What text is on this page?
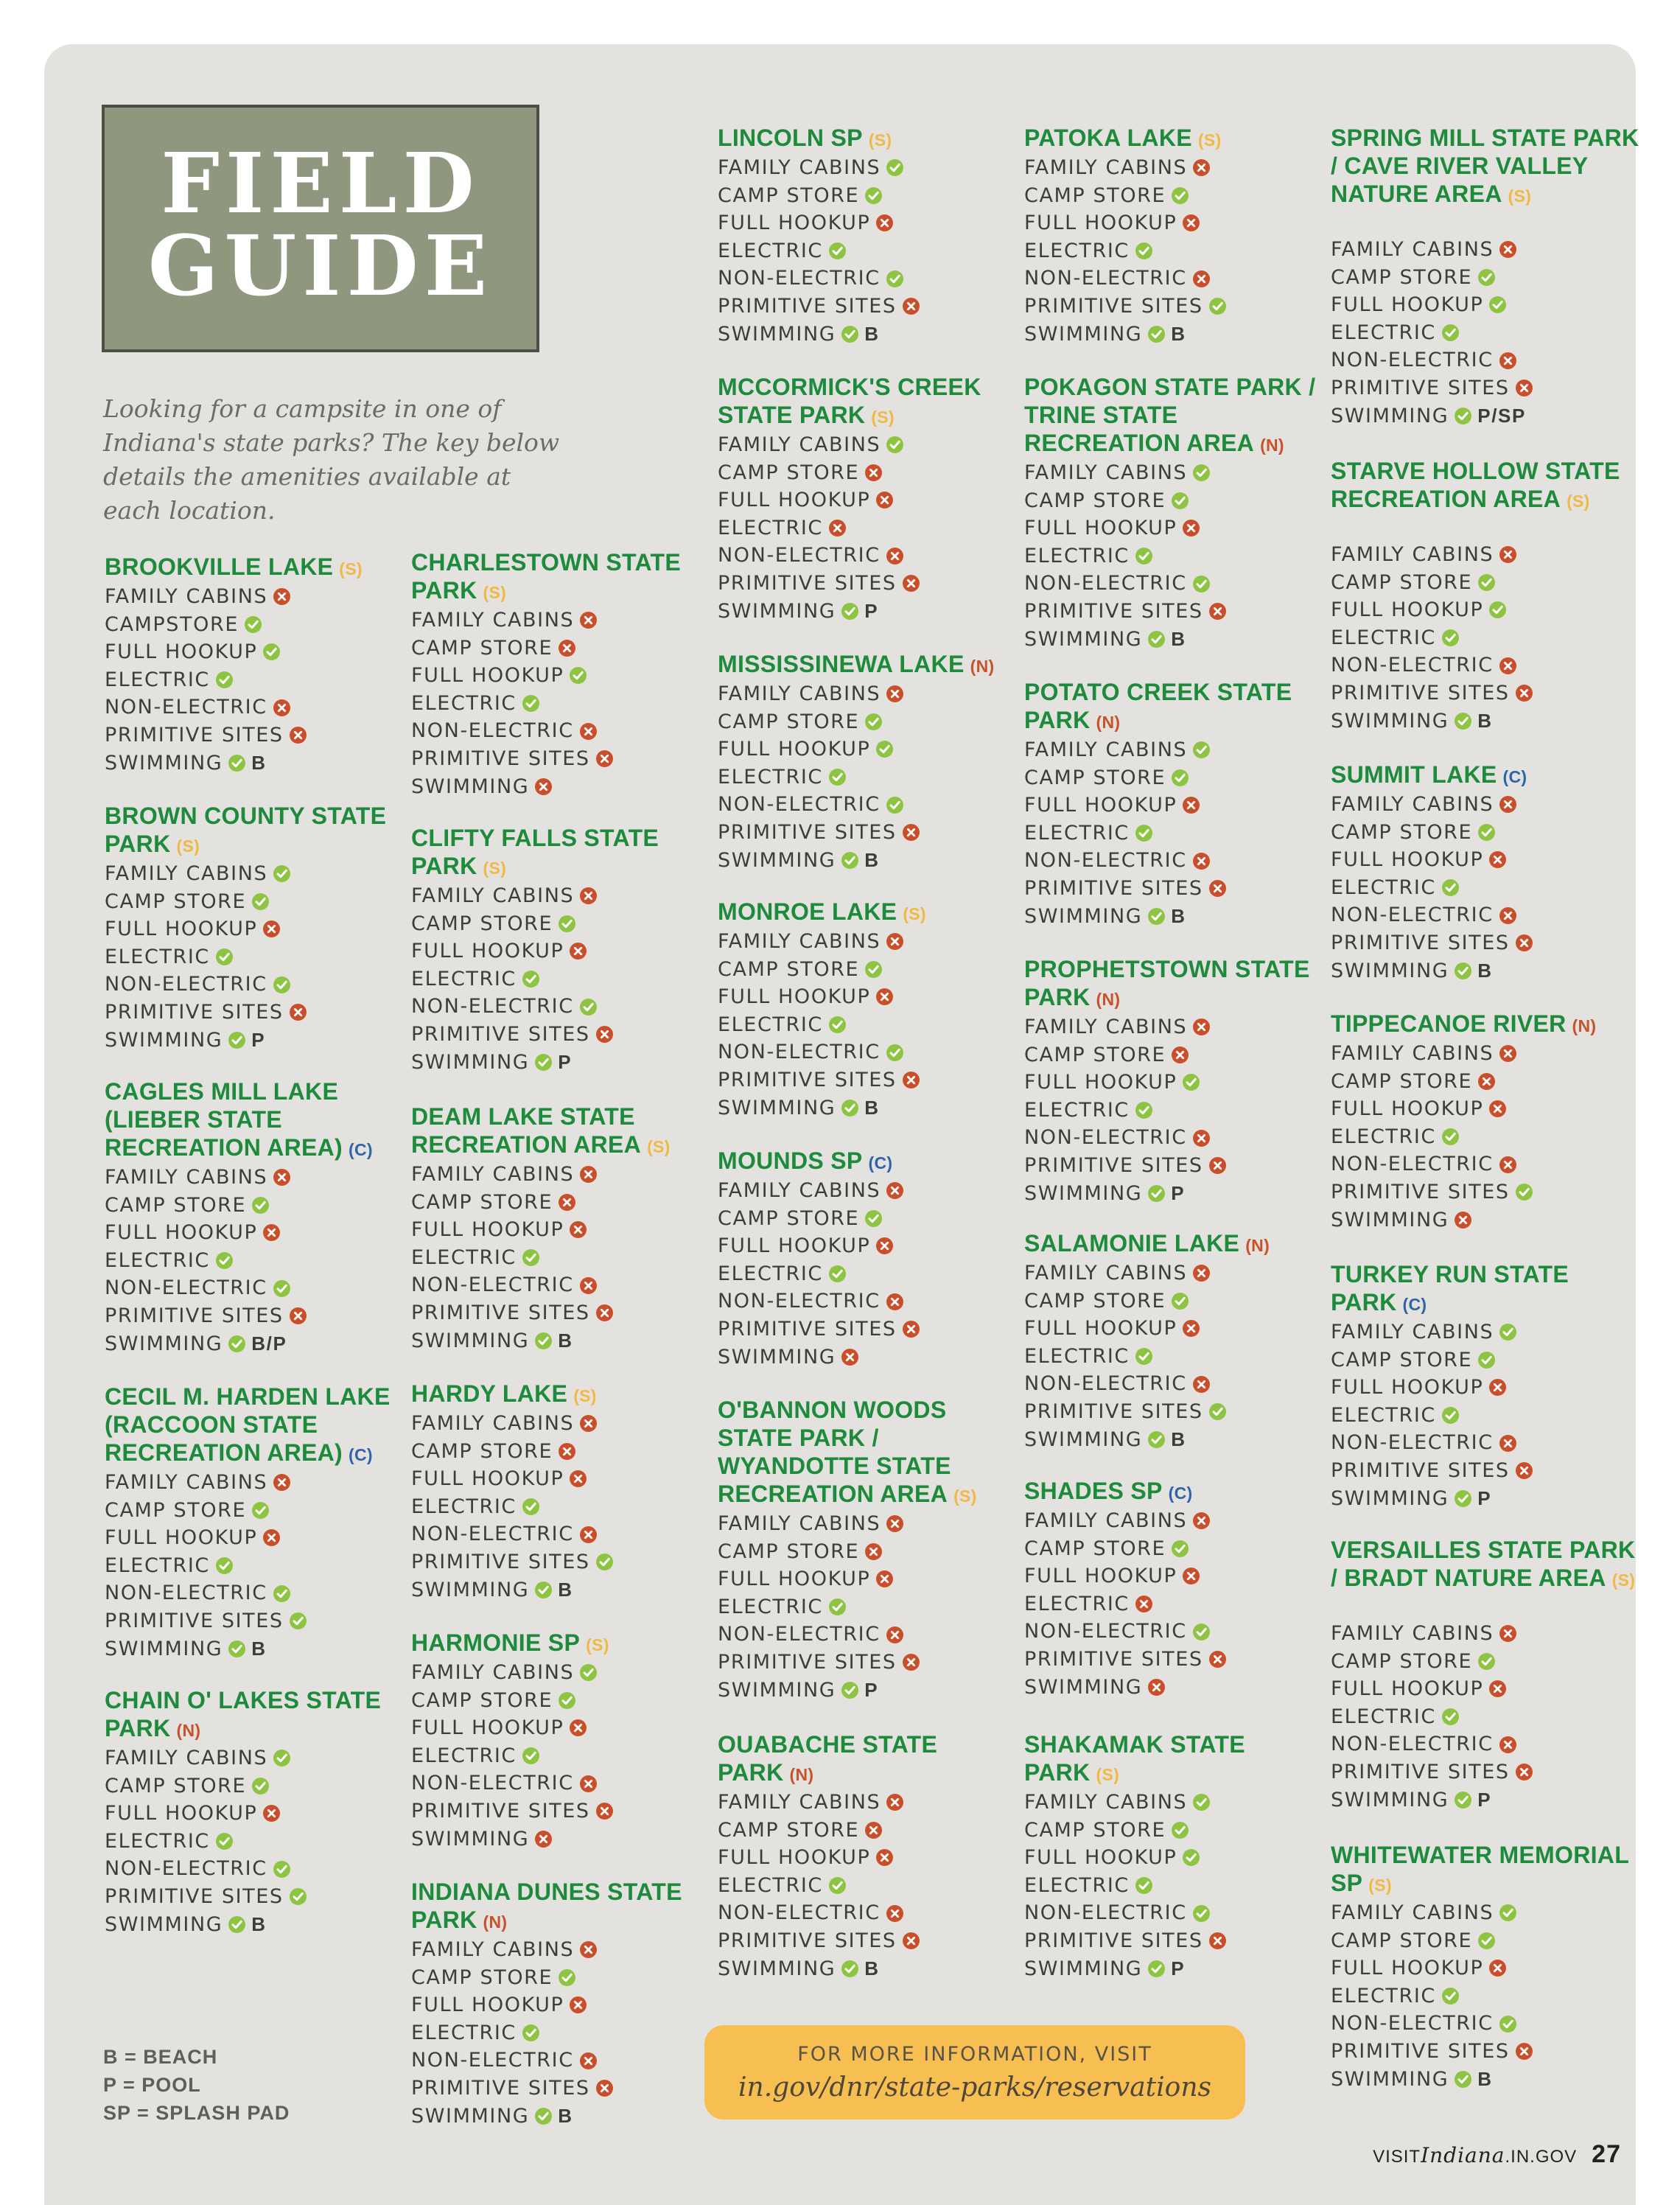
FIELD
GUIDE
Looking for a campsite in one of Indiana's state parks? The key below details the amenities available at each location.
BROOKVILLE LAKE (S)
FAMILY CABINS
CAMPSTORE
FULL HOOKUP
ELECTRIC
NON-ELECTRIC
PRIMITIVE SITES
SWIMMING B
BROWN COUNTY STATE PARK (S)
FAMILY CABINS
CAMP STORE
FULL HOOKUP
ELECTRIC
NON-ELECTRIC
PRIMITIVE SITES
SWIMMING P
CAGLES MILL LAKE (LIEBER STATE RECREATION AREA) (C)
FAMILY CABINS
CAMP STORE
FULL HOOKUP
ELECTRIC
NON-ELECTRIC
PRIMITIVE SITES
SWIMMING B/P
CECIL M. HARDEN LAKE (RACCOON STATE RECREATION AREA) (C)
FAMILY CABINS
CAMP STORE
FULL HOOKUP
ELECTRIC
NON-ELECTRIC
PRIMITIVE SITES
SWIMMING B
CHAIN O' LAKES STATE PARK (N)
FAMILY CABINS
CAMP STORE
FULL HOOKUP
ELECTRIC
NON-ELECTRIC
PRIMITIVE SITES
SWIMMING B
CHARLESTOWN STATE PARK (S)
FAMILY CABINS
CAMP STORE
FULL HOOKUP
ELECTRIC
NON-ELECTRIC
PRIMITIVE SITES
SWIMMING
CLIFTY FALLS STATE PARK (S)
FAMILY CABINS
CAMP STORE
FULL HOOKUP
ELECTRIC
NON-ELECTRIC
PRIMITIVE SITES
SWIMMING P
DEAM LAKE STATE RECREATION AREA (S)
FAMILY CABINS
CAMP STORE
FULL HOOKUP
ELECTRIC
NON-ELECTRIC
PRIMITIVE SITES
SWIMMING B
HARDY LAKE (S)
FAMILY CABINS
CAMP STORE
FULL HOOKUP
ELECTRIC
NON-ELECTRIC
PRIMITIVE SITES
SWIMMING B
HARMONIE SP (S)
FAMILY CABINS
CAMP STORE
FULL HOOKUP
ELECTRIC
NON-ELECTRIC
PRIMITIVE SITES
SWIMMING
INDIANA DUNES STATE PARK (N)
FAMILY CABINS
CAMP STORE
FULL HOOKUP
ELECTRIC
NON-ELECTRIC
PRIMITIVE SITES
SWIMMING B
LINCOLN SP (S)
FAMILY CABINS
CAMP STORE
FULL HOOKUP
ELECTRIC
NON-ELECTRIC
PRIMITIVE SITES
SWIMMING B
MCCORMICK'S CREEK STATE PARK (S)
FAMILY CABINS
CAMP STORE
FULL HOOKUP
ELECTRIC
NON-ELECTRIC
PRIMITIVE SITES
SWIMMING P
MISSISSINEWA LAKE (N)
FAMILY CABINS
CAMP STORE
FULL HOOKUP
ELECTRIC
NON-ELECTRIC
PRIMITIVE SITES
SWIMMING B
MONROE LAKE (S)
FAMILY CABINS
CAMP STORE
FULL HOOKUP
ELECTRIC
NON-ELECTRIC
PRIMITIVE SITES
SWIMMING B
MOUNDS SP (C)
FAMILY CABINS
CAMP STORE
FULL HOOKUP
ELECTRIC
NON-ELECTRIC
PRIMITIVE SITES
SWIMMING
O'BANNON WOODS STATE PARK / WYANDOTTE STATE RECREATION AREA (S)
FAMILY CABINS
CAMP STORE
FULL HOOKUP
ELECTRIC
NON-ELECTRIC
PRIMITIVE SITES
SWIMMING P
OUABACHE STATE PARK (N)
FAMILY CABINS
CAMP STORE
FULL HOOKUP
ELECTRIC
NON-ELECTRIC
PRIMITIVE SITES
SWIMMING B
PATOKA LAKE (S)
FAMILY CABINS
CAMP STORE
FULL HOOKUP
ELECTRIC
NON-ELECTRIC
PRIMITIVE SITES
SWIMMING B
POKAGON STATE PARK / TRINE STATE RECREATION AREA (N)
FAMILY CABINS
CAMP STORE
FULL HOOKUP
ELECTRIC
NON-ELECTRIC
PRIMITIVE SITES
SWIMMING B
POTATO CREEK STATE PARK (N)
FAMILY CABINS
CAMP STORE
FULL HOOKUP
ELECTRIC
NON-ELECTRIC
PRIMITIVE SITES
SWIMMING B
PROPHETSTOWN STATE PARK (N)
FAMILY CABINS
CAMP STORE
FULL HOOKUP
ELECTRIC
NON-ELECTRIC
PRIMITIVE SITES
SWIMMING P
SALAMONIE LAKE (N)
FAMILY CABINS
CAMP STORE
FULL HOOKUP
ELECTRIC
NON-ELECTRIC
PRIMITIVE SITES
SWIMMING B
SHADES SP (C)
FAMILY CABINS
CAMP STORE
FULL HOOKUP
ELECTRIC
NON-ELECTRIC
PRIMITIVE SITES
SWIMMING
SHAKAMAK STATE PARK (S)
FAMILY CABINS
CAMP STORE
FULL HOOKUP
ELECTRIC
NON-ELECTRIC
PRIMITIVE SITES
SWIMMING P
SPRING MILL STATE PARK / CAVE RIVER VALLEY NATURE AREA (S)
FAMILY CABINS
CAMP STORE
FULL HOOKUP
ELECTRIC
NON-ELECTRIC
PRIMITIVE SITES
SWIMMING P/SP
STARVE HOLLOW STATE RECREATION AREA (S)
FAMILY CABINS
CAMP STORE
FULL HOOKUP
ELECTRIC
NON-ELECTRIC
PRIMITIVE SITES
SWIMMING B
SUMMIT LAKE (C)
FAMILY CABINS
CAMP STORE
FULL HOOKUP
ELECTRIC
NON-ELECTRIC
PRIMITIVE SITES
SWIMMING B
TIPPECANOE RIVER (N)
FAMILY CABINS
CAMP STORE
FULL HOOKUP
ELECTRIC
NON-ELECTRIC
PRIMITIVE SITES
SWIMMING
TURKEY RUN STATE PARK (C)
FAMILY CABINS
CAMP STORE
FULL HOOKUP
ELECTRIC
NON-ELECTRIC
PRIMITIVE SITES
SWIMMING P
VERSAILLES STATE PARK / BRADT NATURE AREA (S)
FAMILY CABINS
CAMP STORE
FULL HOOKUP
ELECTRIC
NON-ELECTRIC
PRIMITIVE SITES
SWIMMING P
WHITEWATER MEMORIAL SP (S)
FAMILY CABINS
CAMP STORE
FULL HOOKUP
ELECTRIC
NON-ELECTRIC
PRIMITIVE SITES
SWIMMING B
B = BEACH
P = POOL
SP = SPLASH PAD
FOR MORE INFORMATION, VISIT
in.gov/dnr/state-parks/reservations
VISITIndiana.IN.GOV 27
